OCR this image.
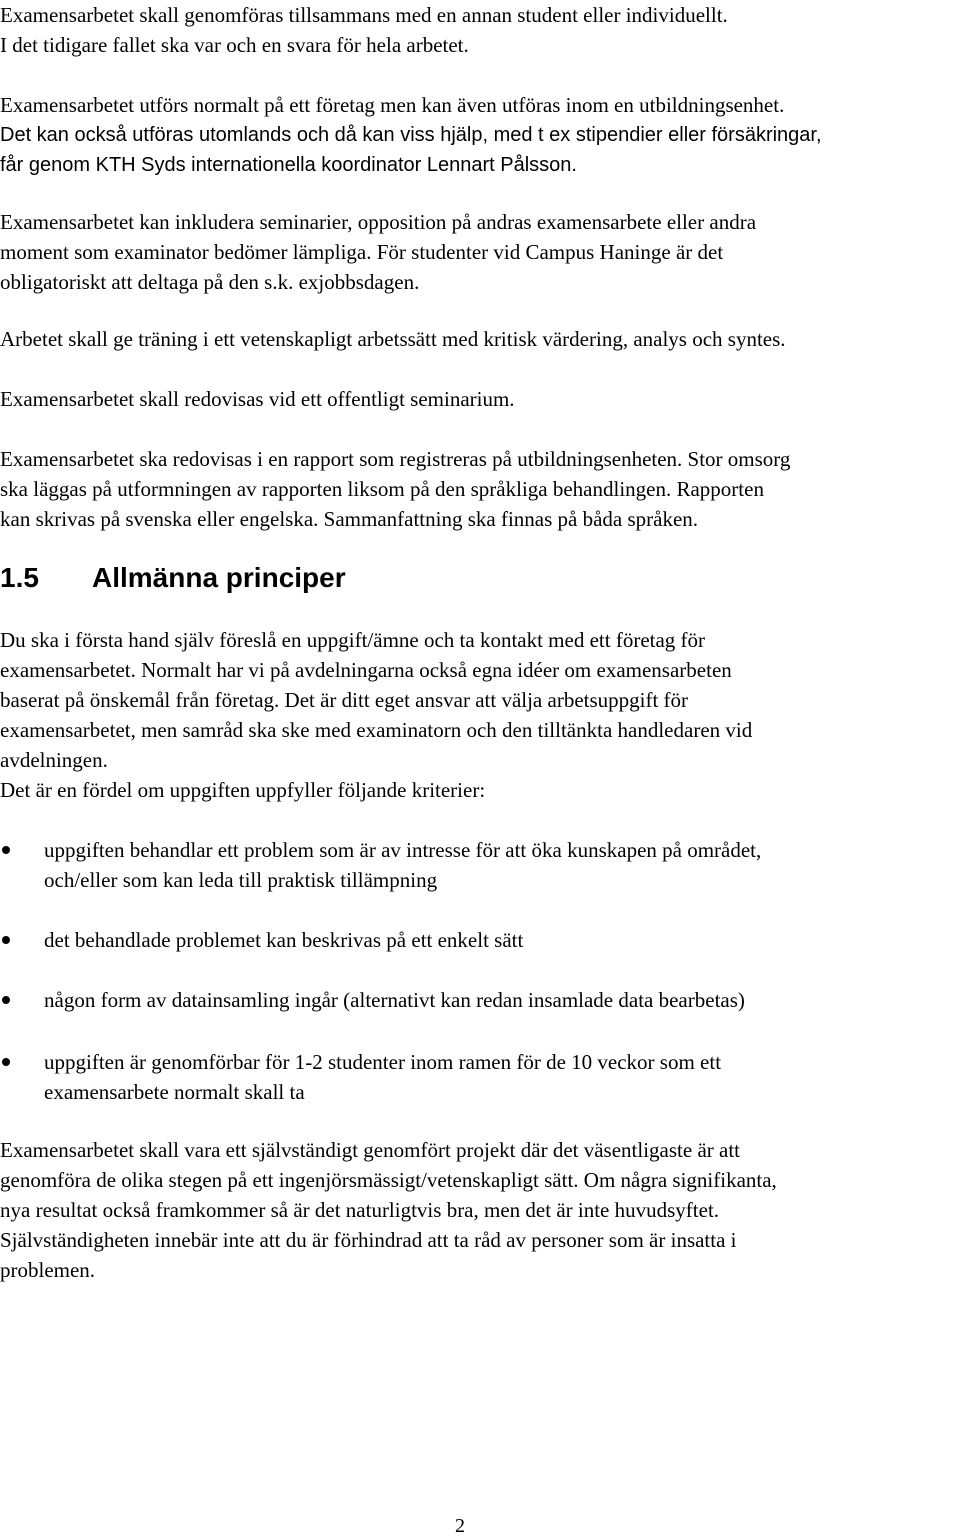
Examensarbetet skall genomföras tillsammans med en annan student eller individuellt.
I det tidigare fallet ska var och en svara för hela arbetet.
Examensarbetet utförs normalt på ett företag men kan även utföras inom en utbildningsenhet.
Det kan också utföras utomlands och då kan viss hjälp, med t ex stipendier eller försäkringar,
får genom KTH Syds internationella koordinator Lennart Pålsson.
Examensarbetet kan inkludera seminarier, opposition på andras examensarbete eller andra
moment som examinator bedömer lämpliga. För studenter vid Campus Haninge är det
obligatoriskt att deltaga på den s.k. exjobbsdagen.
Arbetet skall ge träning i ett vetenskapligt arbetssätt med kritisk värdering, analys och syntes.
Examensarbetet skall redovisas vid ett offentligt seminarium.
Examensarbetet ska redovisas i en rapport som registreras på utbildningsenheten. Stor omsorg
ska läggas på utformningen av rapporten liksom på den språkliga behandlingen. Rapporten
kan skrivas på svenska eller engelska. Sammanfattning ska finnas på båda språken.
1.5 Allmänna principer
Du ska i första hand själv föreslå en uppgift/ämne och ta kontakt med ett företag för
examensarbetet. Normalt har vi på avdelningarna också egna idéer om examensarbeten
baserat på önskemål från företag. Det är ditt eget ansvar att välja arbetsuppgift för
examensarbetet, men samråd ska ske med examinatorn och den tilltänkta handledaren vid
avdelningen.
Det är en fördel om uppgiften uppfyller följande kriterier:
uppgiften behandlar ett problem som är av intresse för att öka kunskapen på området,
och/eller som kan leda till praktisk tillämpning
det behandlade problemet kan beskrivas på ett enkelt sätt
någon form av datainsamling ingår (alternativt kan redan insamlade data bearbetas)
uppgiften är genomförbar för 1-2 studenter inom ramen för de 10 veckor som ett
examensarbete normalt skall ta
Examensarbetet skall vara ett självständigt genomfört projekt där det väsentligaste är att
genomföra de olika stegen på ett ingenjörsmässigt/vetenskapligt sätt. Om några signifikanta,
nya resultat också framkommer så är det naturligtvis bra, men det är inte huvudsyftet.
Självständigheten innebär inte att du är förhindrad att ta råd av personer som är insatta i
problemen.
2
